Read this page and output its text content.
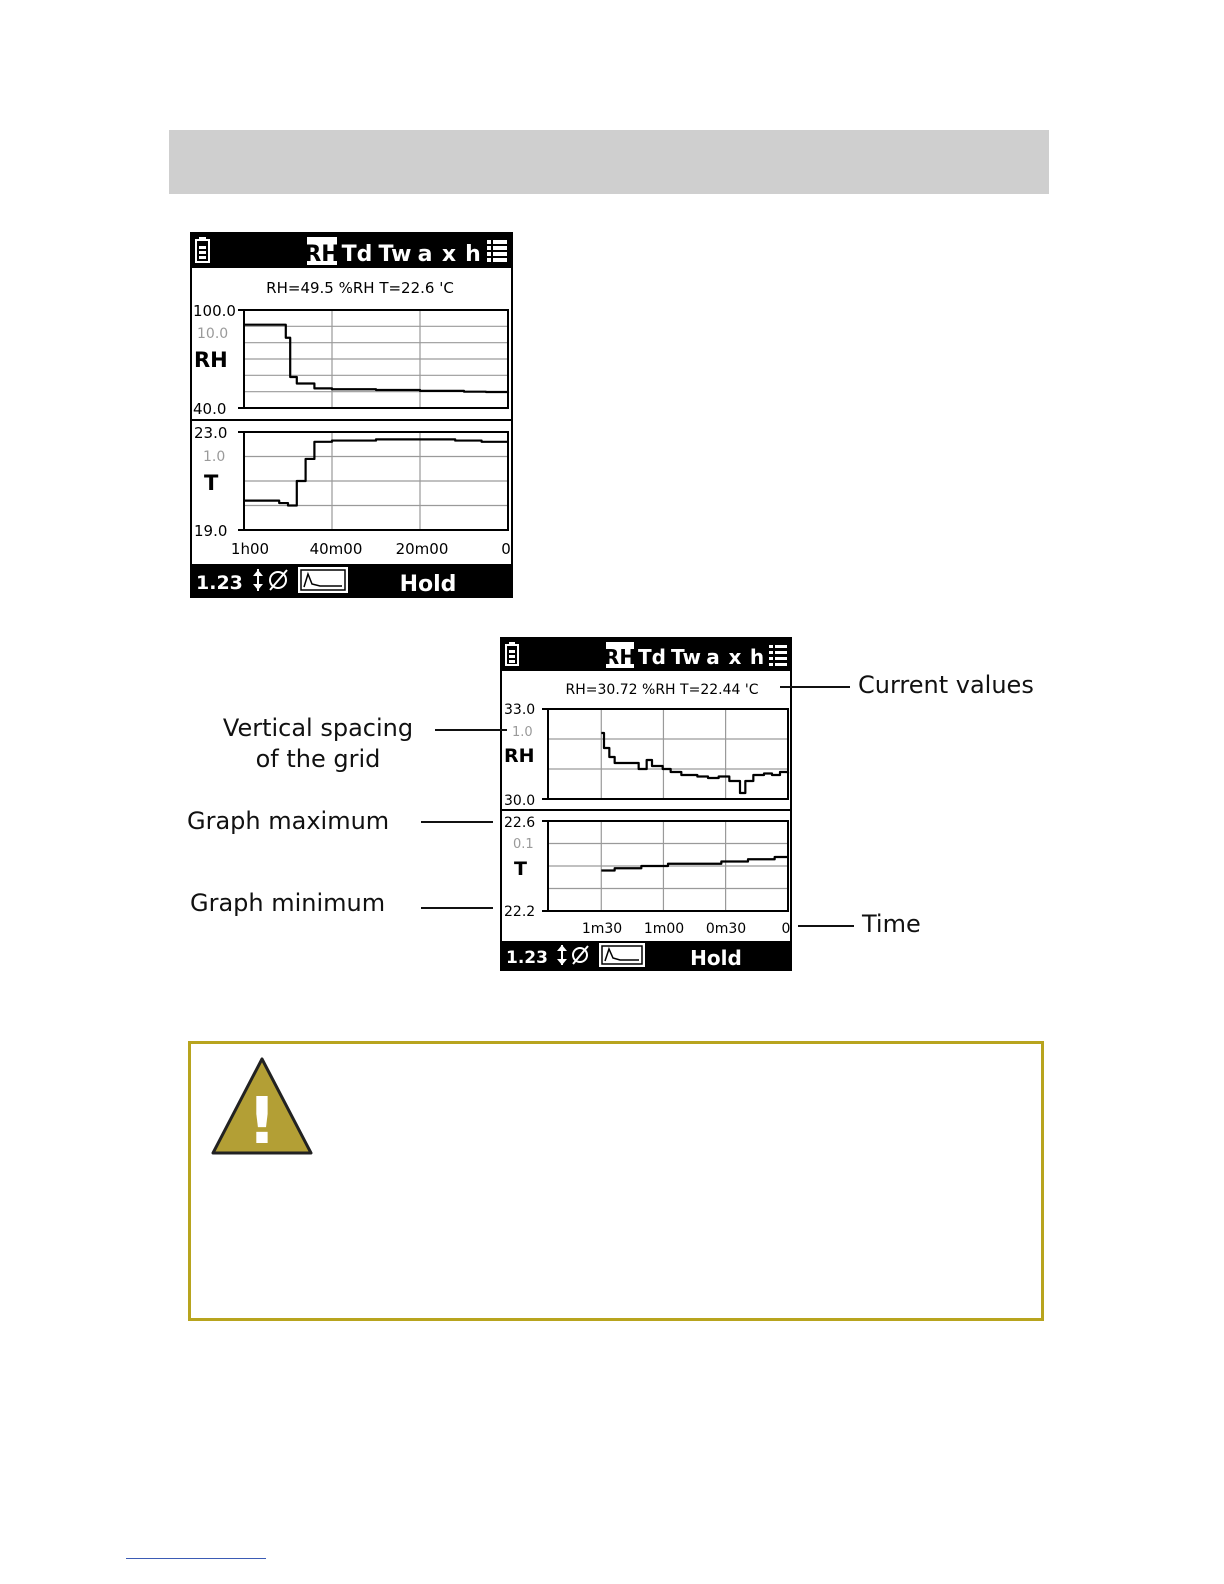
RH Td Tw a x h
RH=49.5 %RH T=22.6 'C
100.0
10.0
RH
40.0
23.0
1.0
T
19.0
1h00	40m00 20m00	0
1.23	Hold
RH Td Tw a x h
RH=30.72 %RH T=22.44 'C
33.0
1.0
RH
30.0
22.6
0.1
T
22.2
1m30 1m00 0m30	0
1.23	Hold
Current values
Vertical spacing
of the grid
Graph maximum
Graph minimum
Time
!
